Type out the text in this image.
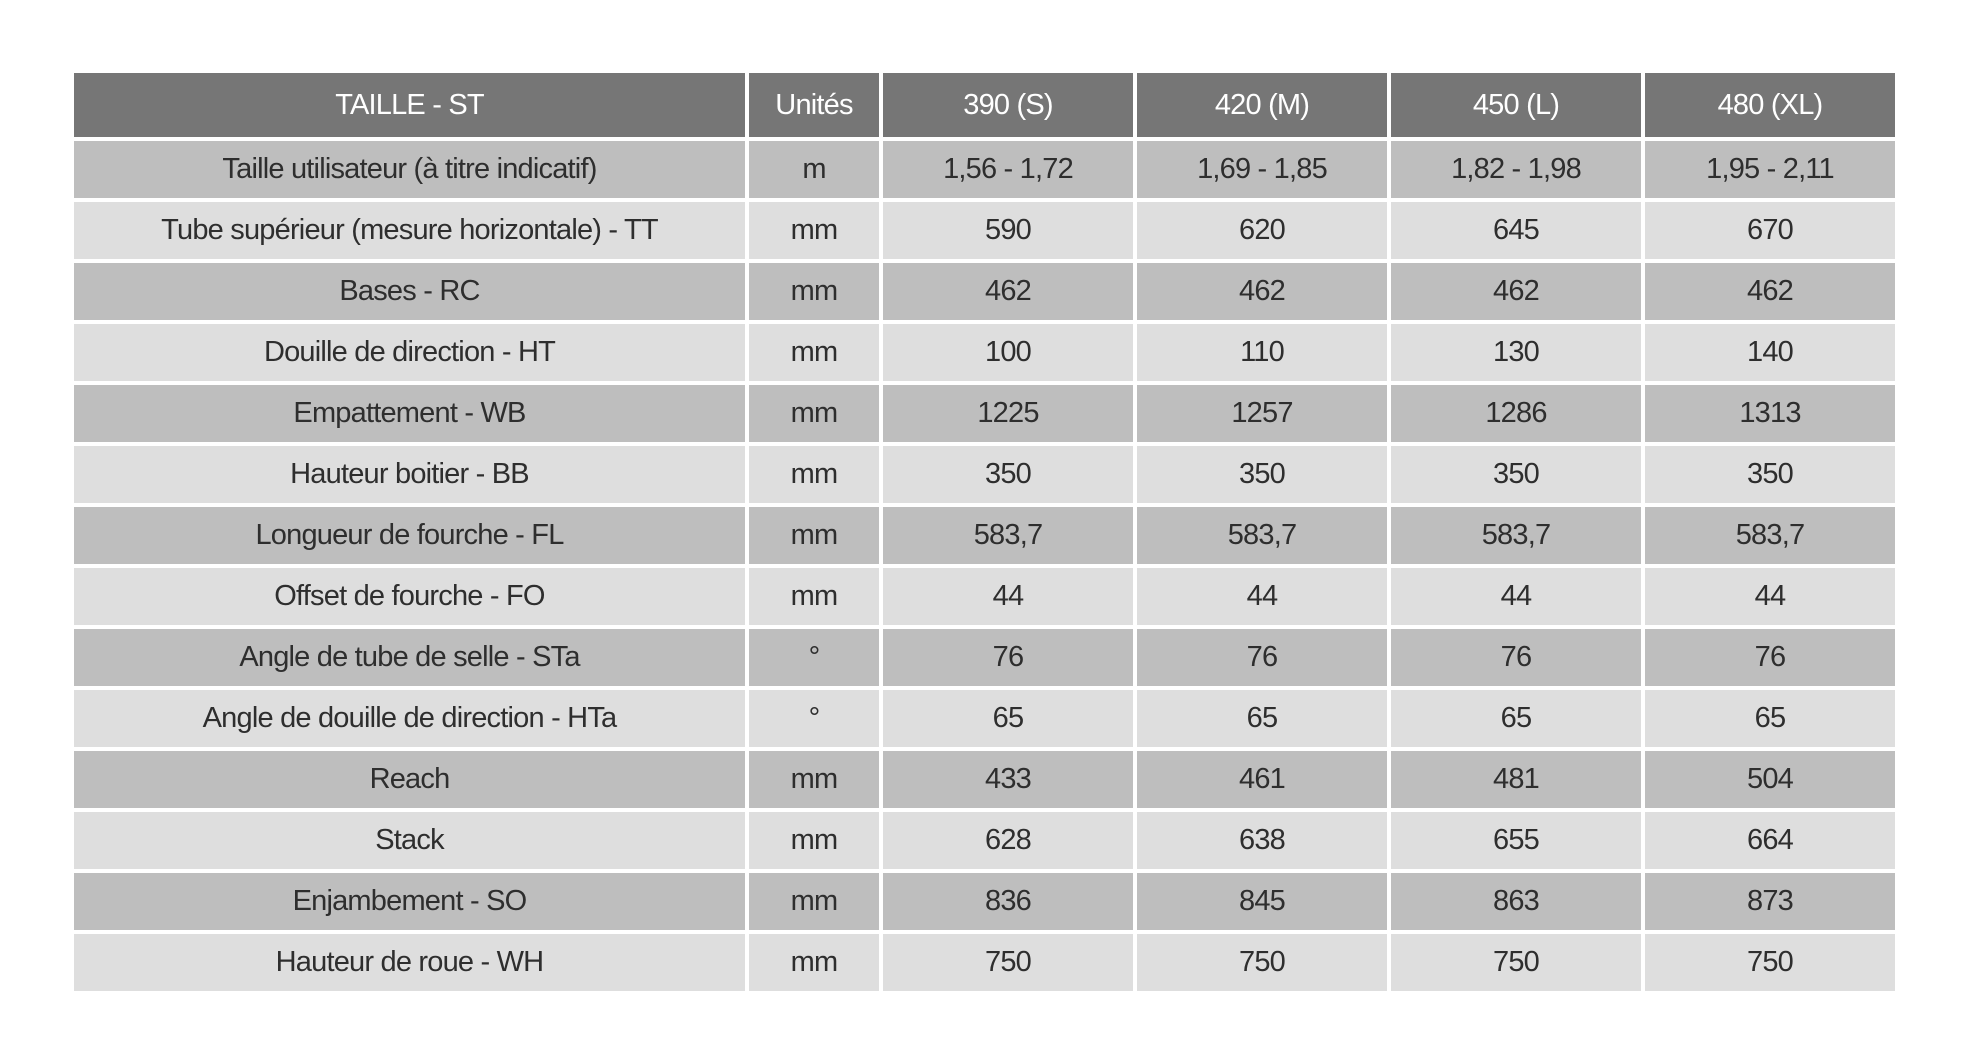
TAILLE - ST	Unités	390 (S)	420 (M)	450 (L)	480 (XL)
Taille utilisateur (à titre indicatif)	m	1,56 - 1,72	1,69 - 1,85	1,82 - 1,98	1,95 - 2,11
Tube supérieur (mesure horizontale) - TT	mm	590	620	645	670
Bases - RC	mm	462	462	462	462
Douille de direction - HT	mm	100	110	130	140
Empattement - WB	mm	1225	1257	1286	1313
Hauteur boitier - BB	mm	350	350	350	350
Longueur de fourche - FL	mm	583,7	583,7	583,7	583,7
Offset de fourche - FO	mm	44	44	44	44
Angle de tube de selle - STa	°	76	76	76	76
Angle de douille de direction - HTa	°	65	65	65	65
Reach	mm	433	461	481	504
Stack	mm	628	638	655	664
Enjambement - SO	mm	836	845	863	873
Hauteur de roue - WH	mm	750	750	750	750
